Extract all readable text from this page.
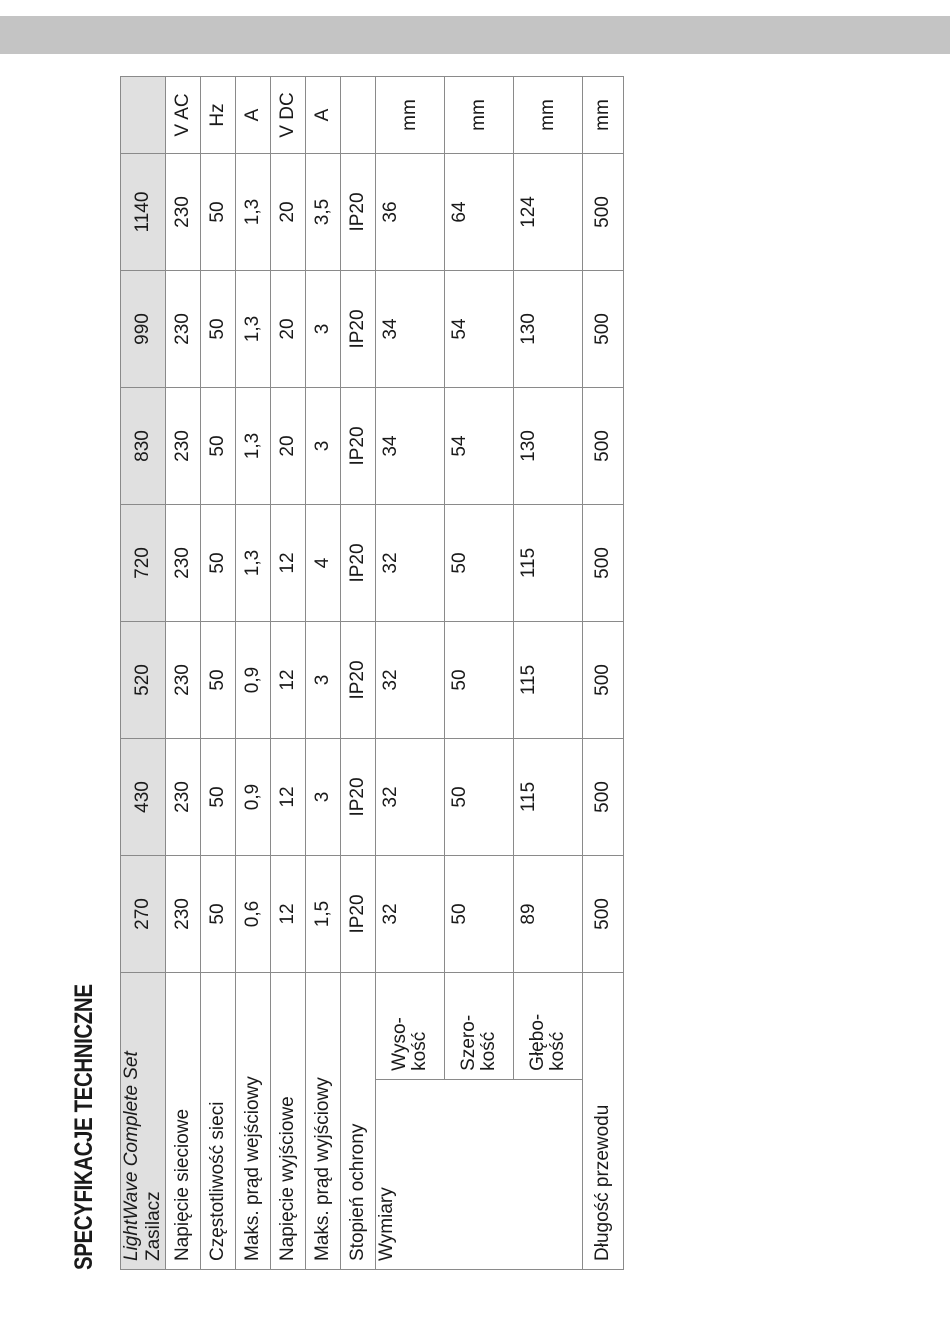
SPECYFIKACJE TECHNICZNE LightWave Complete Set Zasilacz		270	430	520	720	830	990	1140	
Napięcie sieciowe		230	230	230	230	230	230	230	V AC
Częstotliwość sieci		50	50	50	50	50	50	50	Hz
Maks. prąd wejściowy		0,6	0,9	0,9	1,3	1,3	1,3	1,3	A
Napięcie wyjściowe		12	12	12	12	20	20	20	V DC
Maks. prąd wyjściowy		1,5	3	3	4	3	3	3,5	A
Stopień ochrony		IP20	IP20	IP20	IP20	IP20	IP20	IP20	
Wymiary	Wyso- kość	32	32	32	32	34	34	36	mm

	Szero- kość	50	50	50	50	54	54	64	mm

	Głębo- kość	89	115	115	115	130	130	124	mm
Długość przewodu		500	500	500	500	500	500	500	mm
